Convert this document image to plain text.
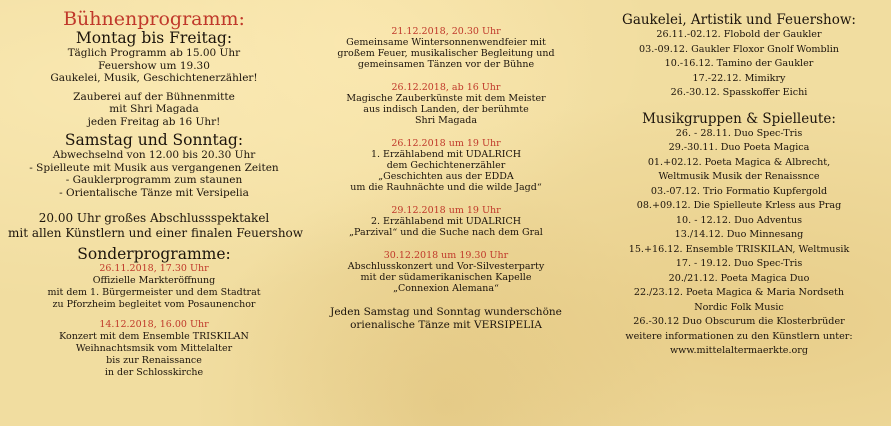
Bühnenprogramm:
Montag bis Freitag:
Täglich Programm ab 15.00 Uhr
Feuershow um 19.30
Gaukelei, Musik, Geschichtenerzähler!
Zauberei auf der Bühnenmitte
mit Shri Magada
jeden Freitag ab 16 Uhr!
Samstag und Sonntag:
Abwechselnd von 12.00 bis 20.30 Uhr
- Spielleute mit Musik aus vergangenen Zeiten
- Gauklerprogramm zum staunen
- Orientalische Tänze mit Versipelia
20.00 Uhr großes Abschlussspektakel
mit allen Künstlern und einer finalen Feuershow
Sonderprogramme:
26.11.2018, 17.30 Uhr
Offizielle Markteröffnung
mit dem 1. Bürgermeister und dem Stadtrat
zu Pforzheim begleitet vom Posaunenchor
14.12.2018, 16.00 Uhr
Konzert mit dem Ensemble TRISKILAN
Weihnachtsmsik vom Mittelalter
bis zur Renaissance
in der Schlosskirche
21.12.2018, 20.30 Uhr
Gemeinsame Wintersonnenwendfeier mit
großem Feuer, musikalischer Begleitung und
gemeinsamen Tänzen vor der Bühne
26.12.2018, ab 16 Uhr
Magische Zauberkünste mit dem Meister
aus indisch Landen, der berühmte
Shri Magada
26.12.2018 um 19 Uhr
1. Erzählabend mit UDALRICH
dem Gechichtenerzähler
„Geschichten aus der EDDA
um die Rauhnächte und die wilde Jagd“
29.12.2018 um 19 Uhr
2. Erzählabend mit UDALRICH
„Parzival“ und die Suche nach dem Gral
30.12.2018 um 19.30 Uhr
Abschlusskonzert und Vor-Silvesterparty
mit der südamerikanischen Kapelle
„Connexion Alemana“
Jeden Samstag und Sonntag wunderschöne
orienalische Tänze mit VERSIPELIA
Gaukelei, Artistik und Feuershow:
26.11.-02.12. Flobold der Gaukler
03.-09.12. Gaukler Floxor Gnolf Womblin
10.-16.12. Tamino der Gaukler
17.-22.12. Mimikry
26.-30.12. Spasskoffer Eichi
Musikgruppen & Spielleute:
26. - 28.11. Duo Spec-Tris
29.-30.11. Duo Poeta Magica
01.+02.12. Poeta Magica & Albrecht,
Weltmusik Musik der Renaissnce
03.-07.12. Trio Formatio Kupfergold
08.+09.12. Die Spielleute Krless aus Prag
10. - 12.12. Duo Adventus
13./14.12. Duo Minnesang
15.+16.12. Ensemble TRISKILAN, Weltmusik
17. - 19.12. Duo Spec-Tris
20./21.12. Poeta Magica Duo
22./23.12. Poeta Magica & Maria Nordseth
Nordic Folk Music
26.-30.12 Duo Obscurum die Klosterbrüder
weitere informationen zu den Künstlern unter:
www.mittelaltermaerkte.org
